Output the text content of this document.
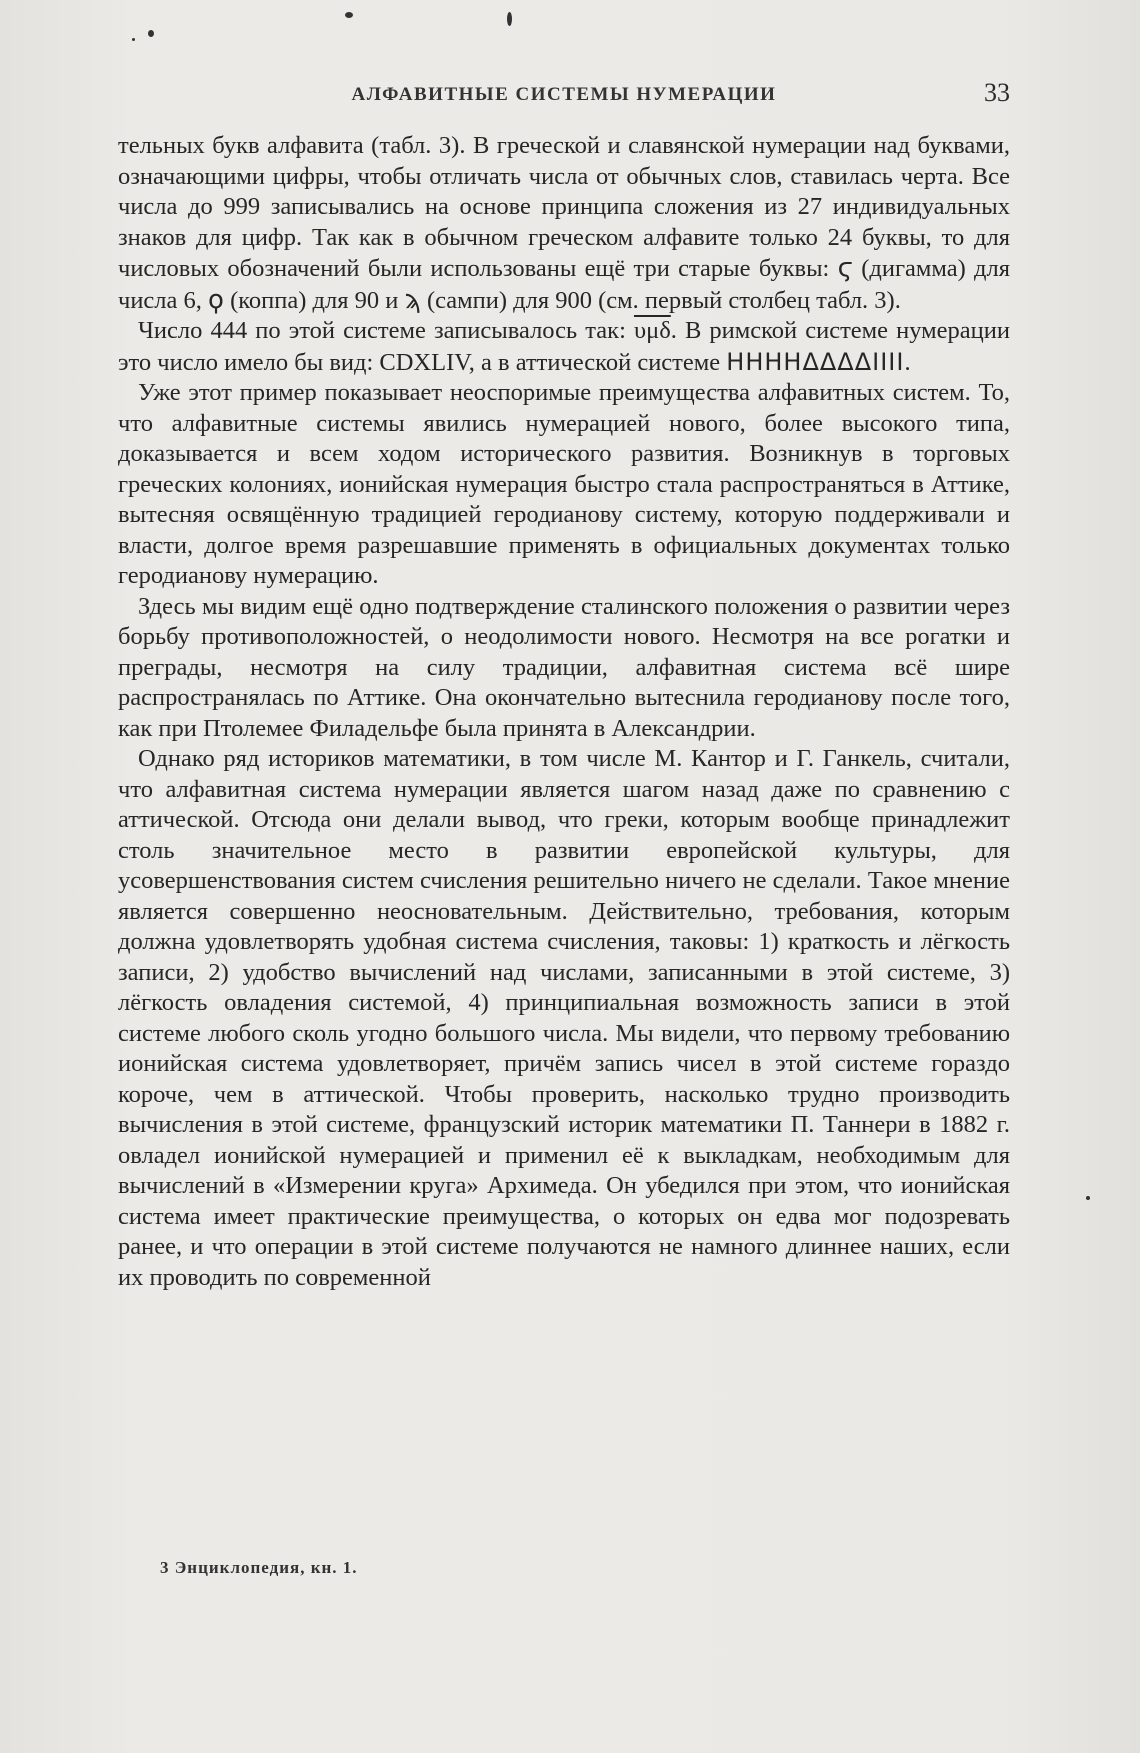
АЛФАВИТНЫЕ СИСТЕМЫ НУМЕРАЦИИ	33

тельных букв алфавита (табл. 3). В греческой и славянской нумерации над буквами, означающими цифры, чтобы отличать числа от обычных слов, ставилась черта. Все числа до 999 записывались на основе принципа сложения из 27 индивидуальных знаков для цифр. Так как в обычном греческом алфавите только 24 буквы, то для числовых обозначений были использованы ещё три старые буквы: ϛ (дигамма) для числа 6, ϙ (коппа) для 90 и ϡ (сампи) для 900 (см. первый столбец табл. 3).

Число 444 по этой системе записывалось так: $\overline{\upsilon\mu\delta}$. В римской системе нумерации это число имело бы вид: CDXLIV, а в аттической системе HHHHΔΔΔΔIIII.

Уже этот пример показывает неоспоримые преимущества алфавитных систем. То, что алфавитные системы явились нумерацией нового, более высокого типа, доказывается и всем ходом исторического развития. Возникнув в торговых греческих колониях, ионийская нумерация быстро стала распространяться в Аттике, вытесняя освящённую традицией геродианову систему, которую поддерживали и власти, долгое время разрешавшие применять в официальных документах только геродианову нумерацию.

Здесь мы видим ещё одно подтверждение сталинского положения о развитии через борьбу противоположностей, о неодолимости нового. Несмотря на все рогатки и преграды, несмотря на силу традиции, алфавитная система всё шире распространялась по Аттике. Она окончательно вытеснила геродианову после того, как при Птолемее Филадельфе была принята в Александрии.

Однако ряд историков математики, в том числе М. Кантор и Г. Ганкель, считали, что алфавитная система нумерации является шагом назад даже по сравнению с аттической. Отсюда они делали вывод, что греки, которым вообще принадлежит столь значительное место в развитии европейской культуры, для усовершенствования систем счисления решительно ничего не сделали. Такое мнение является совершенно неосновательным. Действительно, требования, которым должна удовлетворять удобная система счисления, таковы: 1) краткость и лёгкость записи, 2) удобство вычислений над числами, записанными в этой системе, 3) лёгкость овладения системой, 4) принципиальная возможность записи в этой системе любого сколь угодно большого числа. Мы видели, что первому требованию ионийская система удовлетворяет, причём запись чисел в этой системе гораздо короче, чем в аттической. Чтобы проверить, насколько трудно производить вычисления в этой системе, французский историк математики П. Таннери в 1882 г. овладел ионийской нумерацией и применил её к выкладкам, необходимым для вычислений в «Измерении круга» Архимеда. Он убедился при этом, что ионийская система имеет практические преимущества, о которых он едва мог подозревать ранее, и что операции в этой системе получаются не намного длиннее наших, если их проводить по современной

3 Энциклопедия, кн. 1.
